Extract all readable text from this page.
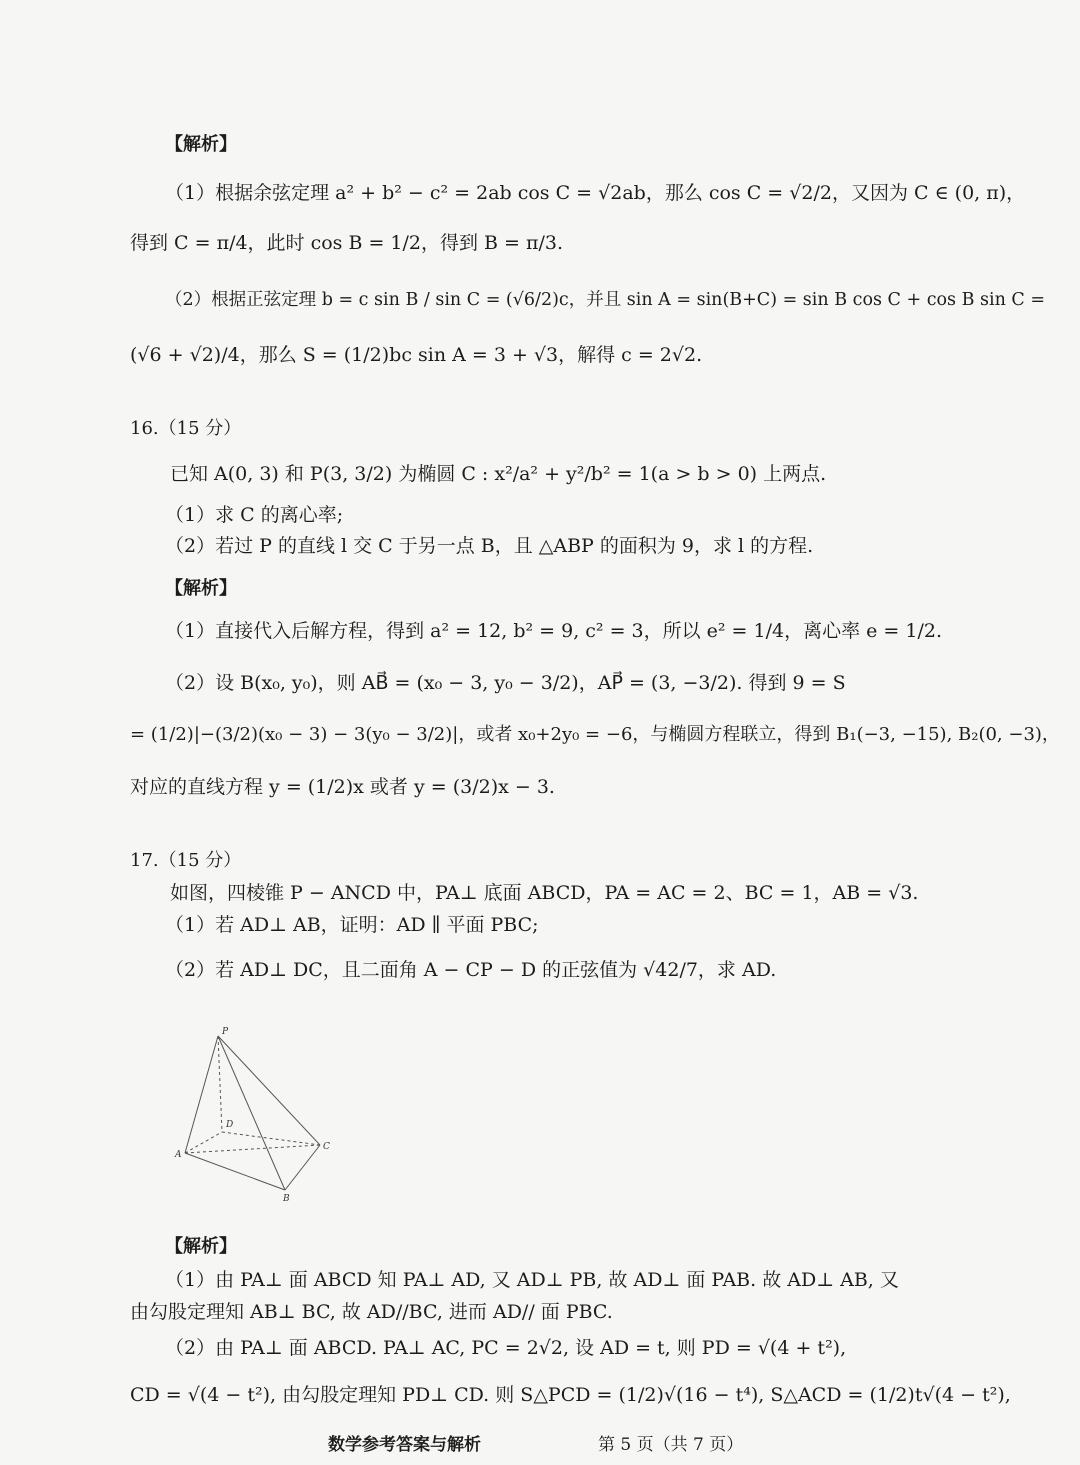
【解析】
（1）根据余弦定理 a² + b² − c² = 2ab cos C = √2ab，那么 cos C = √2/2，又因为 C ∈ (0, π)，
得到 C = π/4，此时 cos B = 1/2，得到 B = π/3.
（2）根据正弦定理 b = c sin B / sin C = (√6/2)c，并且 sin A = sin(B+C) = sin B cos C + cos B sin C =
(√6 + √2)/4，那么 S = (1/2)bc sin A = 3 + √3，解得 c = 2√2.
16.（15 分）
已知 A(0, 3) 和 P(3, 3/2) 为椭圆 C : x²/a² + y²/b² = 1(a > b > 0) 上两点.
（1）求 C 的离心率;
（2）若过 P 的直线 l 交 C 于另一点 B，且 △ABP 的面积为 9，求 l 的方程.
【解析】
（1）直接代入后解方程，得到 a² = 12, b² = 9, c² = 3，所以 e² = 1/4，离心率 e = 1/2.
（2）设 B(x₀, y₀)，则 AB⃗ = (x₀ − 3, y₀ − 3/2)，AP⃗ = (3, −3/2). 得到 9 = S
= (1/2)|−(3/2)(x₀ − 3) − 3(y₀ − 3/2)|，或者 x₀+2y₀ = −6，与椭圆方程联立，得到 B₁(−3, −15), B₂(0, −3)，
对应的直线方程 y = (1/2)x 或者 y = (3/2)x − 3.
17.（15 分）
如图，四棱锥 P − ANCD 中，PA⊥ 底面 ABCD，PA = AC = 2、BC = 1，AB = √3.
（1）若 AD⊥ AB，证明：AD ∥ 平面 PBC;
（2）若 AD⊥ DC，且二面角 A − CP − D 的正弦值为 √42/7，求 AD.
P
D
A
C
B
【解析】
（1）由 PA⊥ 面 ABCD 知 PA⊥ AD, 又 AD⊥ PB, 故 AD⊥ 面 PAB. 故 AD⊥ AB, 又
由勾股定理知 AB⊥ BC, 故 AD//BC, 进而 AD// 面 PBC.
（2）由 PA⊥ 面 ABCD. PA⊥ AC, PC = 2√2, 设 AD = t, 则 PD = √(4 + t²),
CD = √(4 − t²), 由勾股定理知 PD⊥ CD. 则 S△PCD = (1/2)√(16 − t⁴), S△ACD = (1/2)t√(4 − t²),
数学参考答案与解析	第 5 页（共 7 页）
